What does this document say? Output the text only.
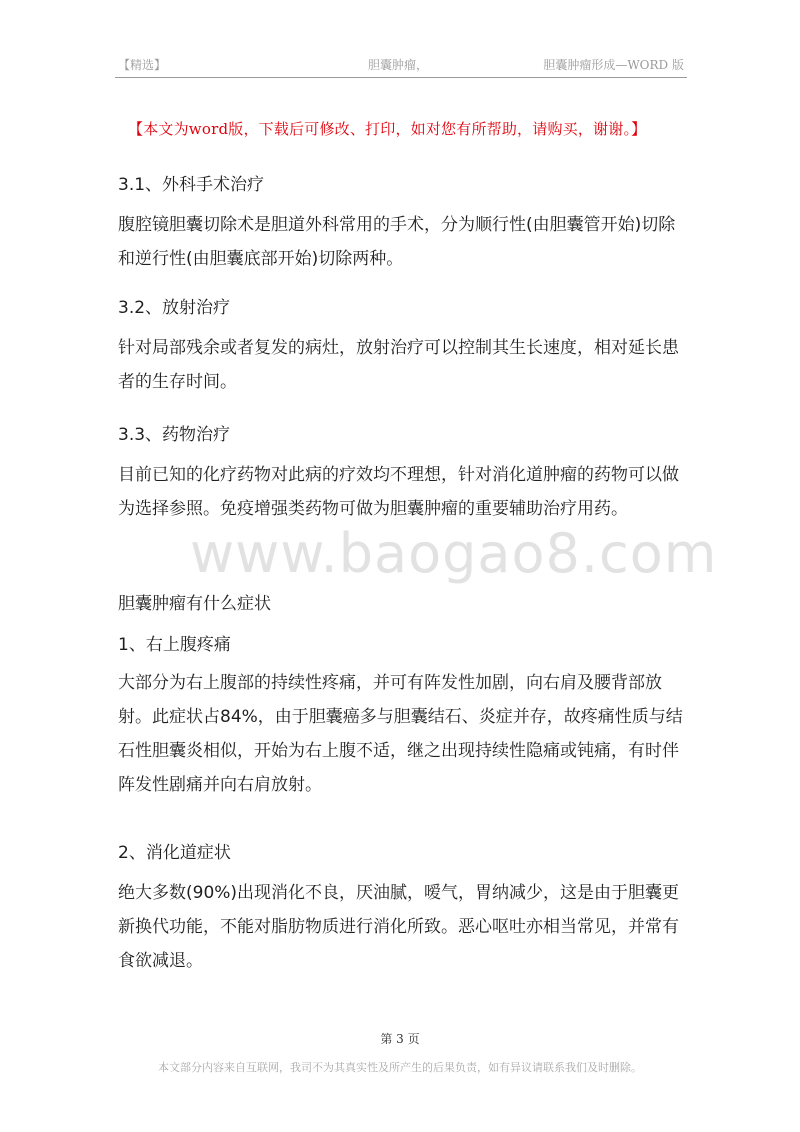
【精选】	胆囊肿瘤，	胆囊肿瘤形成—WORD 版
【本文为word版，下载后可修改、打印，如对您有所帮助，请购买，谢谢。】
3.1、外科手术治疗
腹腔镜胆囊切除术是胆道外科常用的手术，分为顺行性(由胆囊管开始)切除和逆行性(由胆囊底部开始)切除两种。
3.2、放射治疗
针对局部残余或者复发的病灶，放射治疗可以控制其生长速度，相对延长患者的生存时间。
3.3、药物治疗
目前已知的化疗药物对此病的疗效均不理想，针对消化道肿瘤的药物可以做为选择参照。免疫增强类药物可做为胆囊肿瘤的重要辅助治疗用药。
www.baogao8.com
胆囊肿瘤有什么症状
1、右上腹疼痛
大部分为右上腹部的持续性疼痛，并可有阵发性加剧，向右肩及腰背部放射。此症状占84%，由于胆囊癌多与胆囊结石、炎症并存，故疼痛性质与结石性胆囊炎相似，开始为右上腹不适，继之出现持续性隐痛或钝痛，有时伴阵发性剧痛并向右肩放射。
2、消化道症状
绝大多数(90%)出现消化不良，厌油腻，嗳气，胃纳减少，这是由于胆囊更新换代功能，不能对脂肪物质进行消化所致。恶心呕吐亦相当常见，并常有食欲减退。
第 3 页
本文部分内容来自互联网，我司不为其真实性及所产生的后果负责，如有异议请联系我们及时删除。
